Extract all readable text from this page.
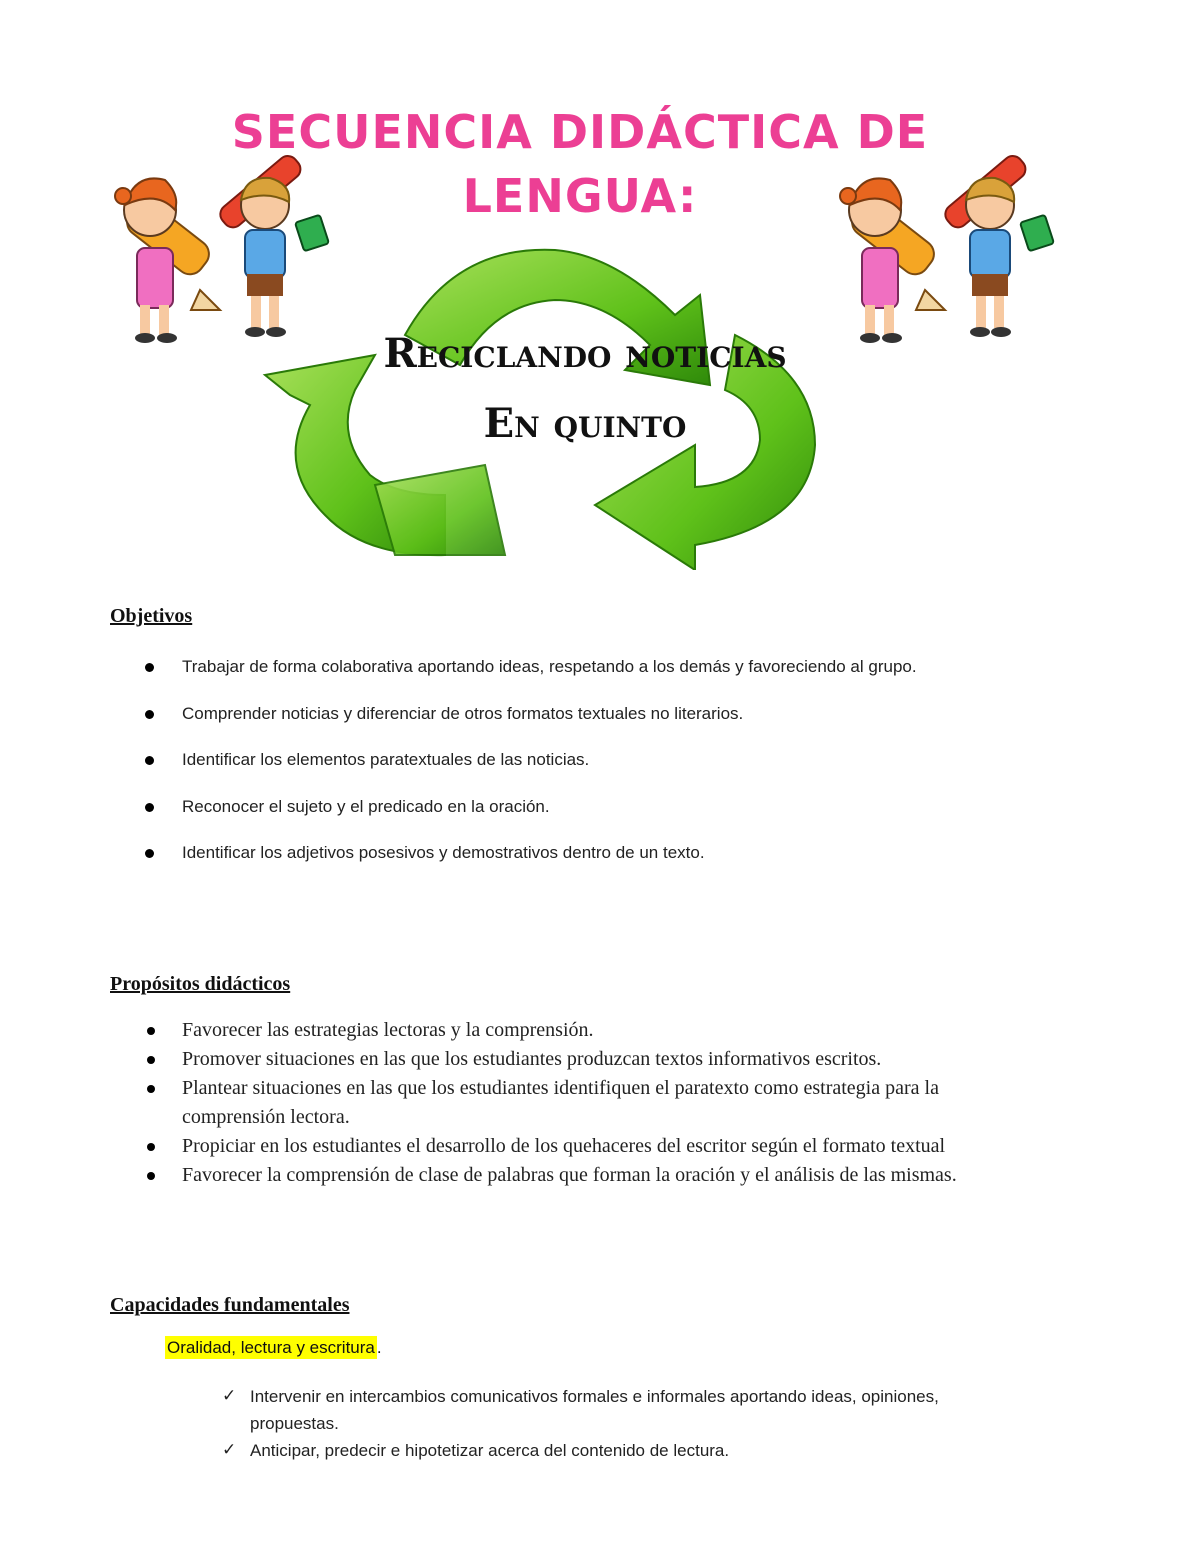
SECUENCIA DIDÁCTICA DE
LENGUA:
Reciclando noticias
En quinto
Objetivos
Trabajar de forma colaborativa aportando ideas, respetando a los demás y favoreciendo al grupo.
Comprender noticias y diferenciar de otros formatos textuales no literarios.
Identificar los elementos paratextuales de las noticias.
Reconocer el sujeto y el predicado en la oración.
Identificar los adjetivos posesivos y demostrativos dentro de un texto.
Propósitos didácticos
Favorecer las estrategias lectoras y la comprensión.
Promover situaciones en las que los estudiantes produzcan textos informativos escritos.
Plantear situaciones en las que los estudiantes identifiquen el paratexto como estrategia para la comprensión lectora.
Propiciar en los estudiantes el desarrollo de los quehaceres del escritor según el formato textual
Favorecer la comprensión de clase de palabras que forman la oración y el análisis de las mismas.
Capacidades fundamentales
Oralidad, lectura y escritura .
✓ Intervenir en intercambios comunicativos formales e informales aportando ideas, opiniones, propuestas.
✓ Anticipar, predecir e hipotetizar acerca del contenido de lectura.
